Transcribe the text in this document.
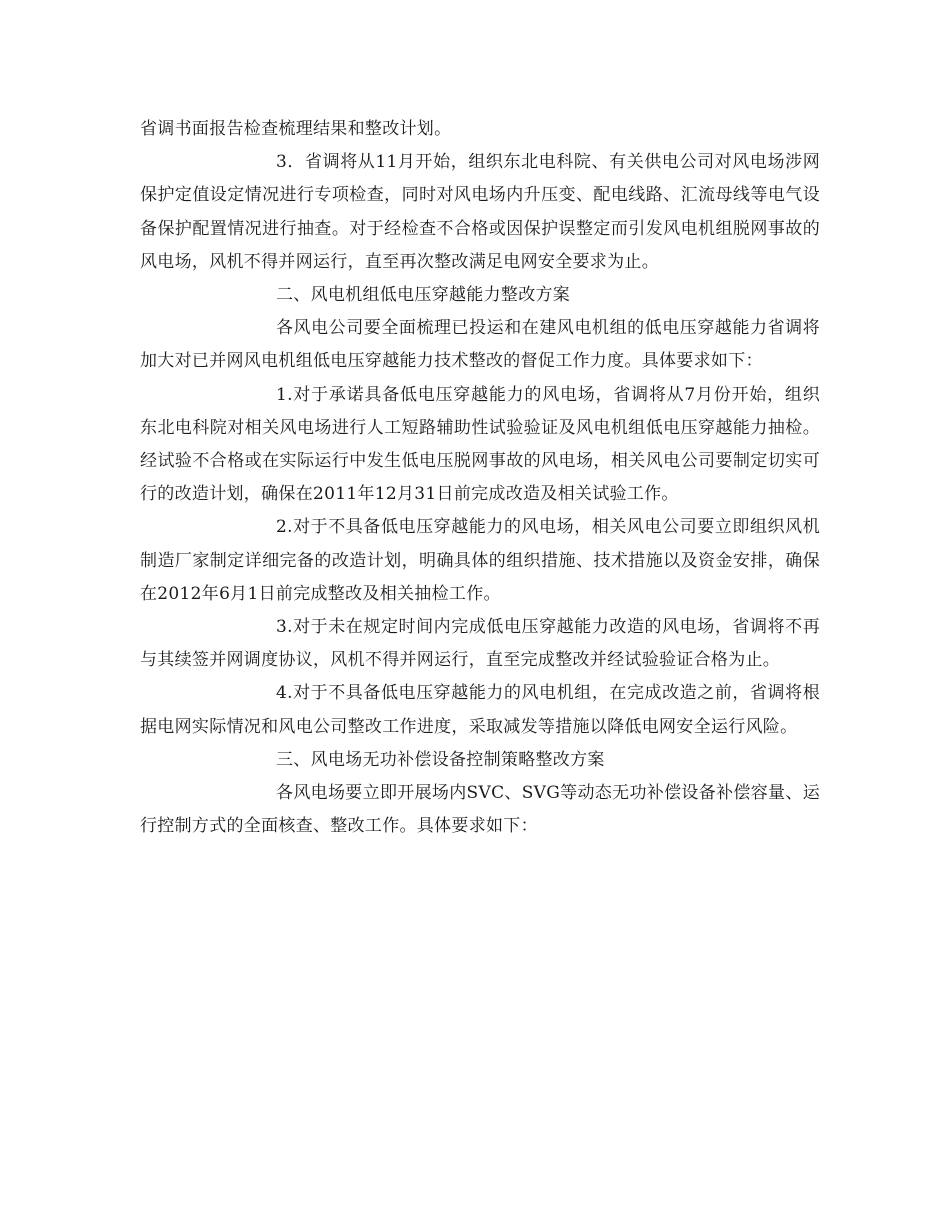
省调书面报告检查梳理结果和整改计划。

3．省调将从11月开始，组织东北电科院、有关供电公司对风电场涉网保护定值设定情况进行专项检查，同时对风电场内升压变、配电线路、汇流母线等电气设备保护配置情况进行抽查。对于经检查不合格或因保护误整定而引发风电机组脱网事故的风电场，风机不得并网运行，直至再次整改满足电网安全要求为止。

二、风电机组低电压穿越能力整改方案

各风电公司要全面梳理已投运和在建风电机组的低电压穿越能力省调将加大对已并网风电机组低电压穿越能力技术整改的督促工作力度。具体要求如下：

1.对于承诺具备低电压穿越能力的风电场，省调将从7月份开始，组织东北电科院对相关风电场进行人工短路辅助性试验验证及风电机组低电压穿越能力抽检。经试验不合格或在实际运行中发生低电压脱网事故的风电场，相关风电公司要制定切实可行的改造计划，确保在2011年12月31日前完成改造及相关试验工作。

2.对于不具备低电压穿越能力的风电场，相关风电公司要立即组织风机制造厂家制定详细完备的改造计划，明确具体的组织措施、技术措施以及资金安排，确保在2012年6月1日前完成整改及相关抽检工作。

3.对于未在规定时间内完成低电压穿越能力改造的风电场，省调将不再与其续签并网调度协议，风机不得并网运行，直至完成整改并经试验验证合格为止。

4.对于不具备低电压穿越能力的风电机组，在完成改造之前，省调将根据电网实际情况和风电公司整改工作进度，采取减发等措施以降低电网安全运行风险。

三、风电场无功补偿设备控制策略整改方案

各风电场要立即开展场内SVC、SVG等动态无功补偿设备补偿容量、运行控制方式的全面核查、整改工作。具体要求如下：
